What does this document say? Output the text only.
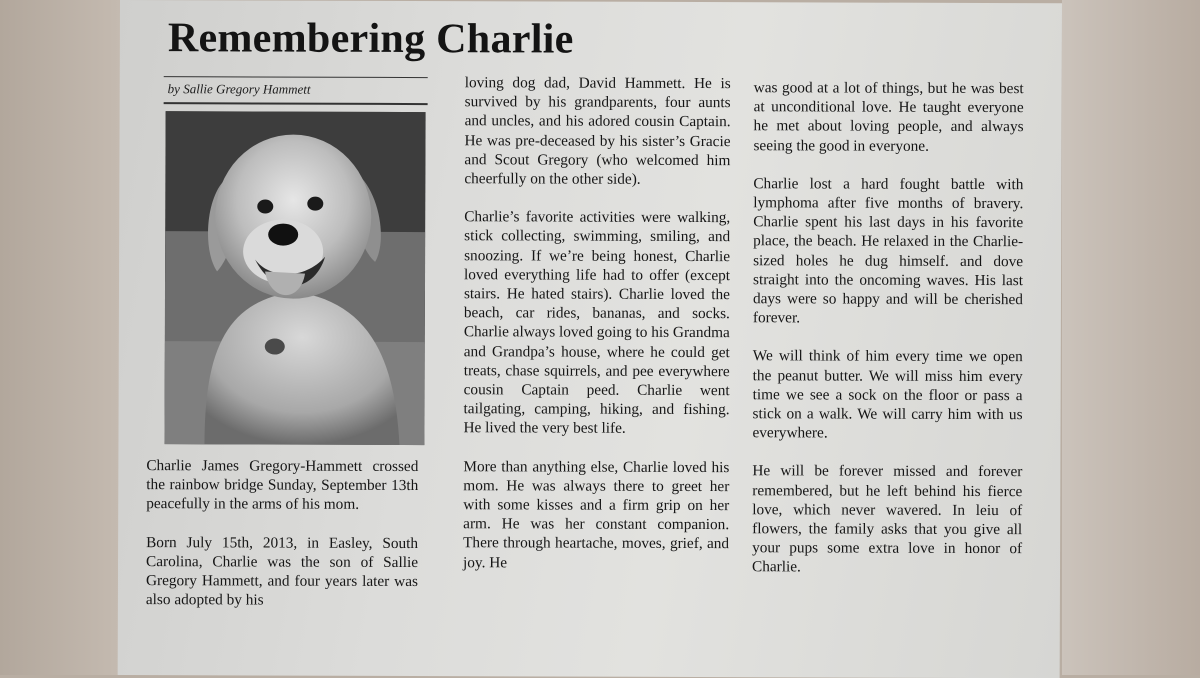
Remembering Charlie
by Sallie Gregory Hammett

Charlie James Gregory-Hammett crossed the rainbow bridge Sunday, September 13th peacefully in the arms of his mom.

Born July 15th, 2013, in Easley, South Carolina, Charlie was the son of Sallie Gregory Hammett, and four years later was also adopted by his

loving dog dad, David Hammett. He is survived by his grandparents, four aunts and uncles, and his adored cousin Captain. He was pre-deceased by his sister’s Gracie and Scout Gregory (who welcomed him cheerfully on the other side).

Charlie’s favorite activities were walking, stick collecting, swimming, smiling, and snoozing. If we’re being honest, Charlie loved everything life had to offer (except stairs. He hated stairs). Charlie loved the beach, car rides, bananas, and socks. Charlie always loved going to his Grandma and Grandpa’s house, where he could get treats, chase squirrels, and pee everywhere cousin Captain peed. Charlie went tailgating, camping, hiking, and fishing. He lived the very best life.

More than anything else, Charlie loved his mom. He was always there to greet her with some kisses and a firm grip on her arm. He was her constant companion. There through heartache, moves, grief, and joy. He

was good at a lot of things, but he was best at unconditional love. He taught everyone he met about loving people, and always seeing the good in everyone.

Charlie lost a hard fought battle with lymphoma after five months of bravery. Charlie spent his last days in his favorite place, the beach. He relaxed in the Charlie-sized holes he dug himself. and dove straight into the oncoming waves. His last days were so happy and will be cherished forever.

We will think of him every time we open the peanut butter. We will miss him every time we see a sock on the floor or pass a stick on a walk. We will carry him with us everywhere.

He will be forever missed and forever remembered, but he left behind his fierce love, which never wavered. In leiu of flowers, the family asks that you give all your pups some extra love in honor of Charlie.
